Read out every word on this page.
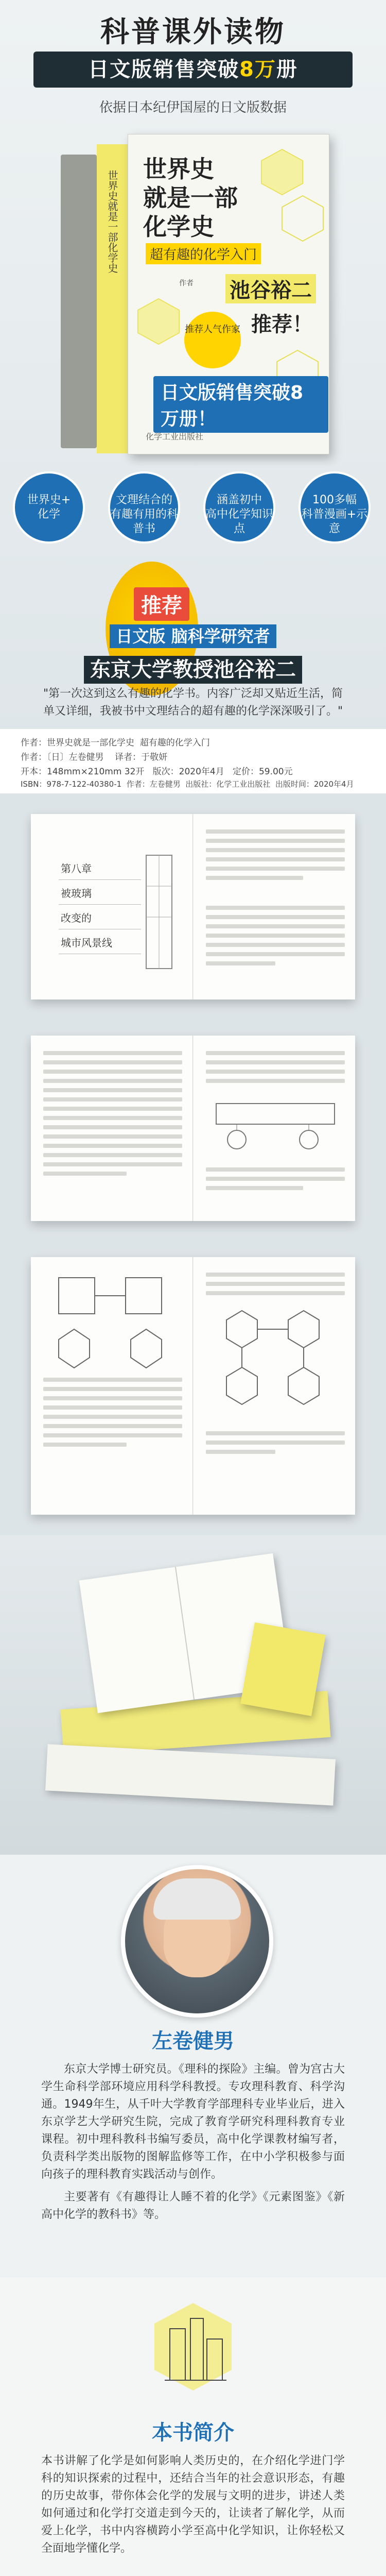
科普课外读物
日文版销售突破8万册
依据日本纪伊国屋的日文版数据
世界史就是一部化学史
世界史
就是一部
化学史
超有趣的化学入门
作者	池谷裕二
推荐人气作家 推荐！
日文版销售突破8万册！
化学工业出版社
世界史+
化学
文理结合的
有趣有用的科普书
涵盖初中
高中化学知识点
100多幅
科普漫画+示意
推荐
日文版 脑科学研究者
东京大学教授池谷裕二
"第一次这到这么有趣的化学书。内容广泛却又贴近生活，简单又详细，我被书中文理结合的超有趣的化学深深吸引了。"
作者：世界史就是一部化学史 超有趣的化学入门
作者：〔日〕左卷健男 译者：于敬妍
开本：148mm×210mm 32开 版次：2020年4月 定价：59.00元
ISBN：978-7-122-40380-1 作者：左卷健男 出版社：化学工业出版社 出版时间：2020年4月
第八章
被玻璃
改变的
城市风景线
左卷健男

东京大学博士研究员。《理科的探险》主编。曾为宫古大学生命科学部环境应用科学科教授。专攻理科教育、科学沟通。1949年生，从千叶大学教育学部理科专业毕业后，进入东京学艺大学研究生院，完成了教育学研究科理科教育专业课程。初中理科教科书编写委员，高中化学课教材编写者，负责科学类出版物的图解监修等工作，在中小学积极参与面向孩子的理科教育实践活动与创作。

主要著有《有趣得让人睡不着的化学》《元素图鉴》《新高中化学的教科书》等。

本书简介
本书讲解了化学是如何影响人类历史的，在介绍化学进门学科的知识探索的过程中，还结合当年的社会意识形态，有趣的历史故事，带你体会化学的发展与文明的进步，讲述人类如何通过和化学打交道走到今天的，让读者了解化学，从而爱上化学，书中内容横跨小学至高中化学知识，让你轻松又全面地学懂化学。
